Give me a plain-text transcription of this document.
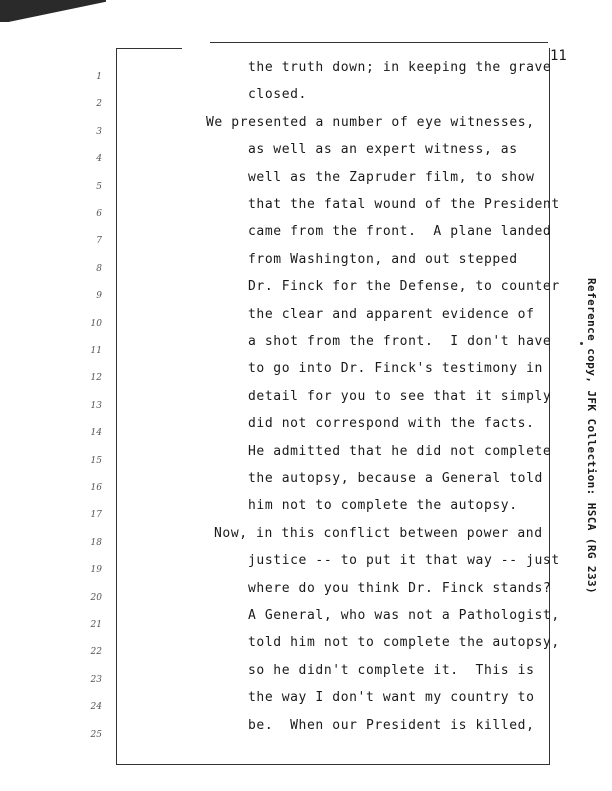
11
1
2
3
4
5
6
7
8
9
10
11
12
13
14
15
16
17
18
19
20
21
22
23
24
25
the truth down; in keeping the grave
closed.
We presented a number of eye witnesses,
as well as an expert witness, as
well as the Zapruder film, to show
that the fatal wound of the President
came from the front.  A plane landed
from Washington, and out stepped
Dr. Finck for the Defense, to counter
the clear and apparent evidence of
a shot from the front.  I don't have
to go into Dr. Finck's testimony in
detail for you to see that it simply
did not correspond with the facts.
He admitted that he did not complete
the autopsy, because a General told
him not to complete the autopsy.
Now, in this conflict between power and
justice -- to put it that way -- just
where do you think Dr. Finck stands?
A General, who was not a Pathologist,
told him not to complete the autopsy,
so he didn't complete it.  This is
the way I don't want my country to
be.  When our President is killed,
Reference copy, JFK Collection: HSCA (RG 233)
